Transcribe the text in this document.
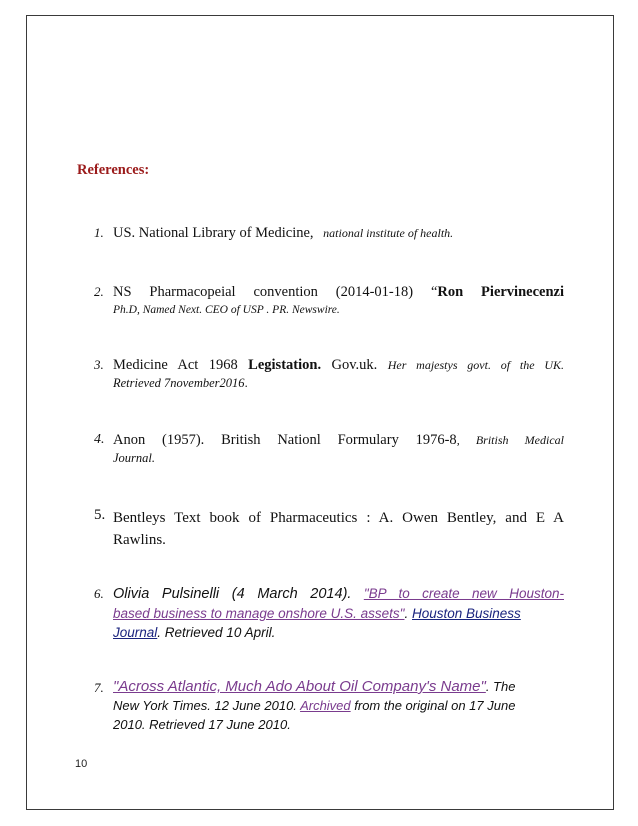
References:
1. US. National Library of Medicine, national institute of health.
2. NS Pharmacopeial convention (2014-01-18) “Ron Piervinecenzi
Ph.D, Named Next. CEO of USP . PR. Newswire.
3. Medicine Act 1968 Legistation. Gov.uk. Her majestys govt. of the UK.
Retrieved 7november2016.
4. Anon (1957). British Nationl Formulary 1976-8, British Medical
Journal.
5. Bentleys Text book of Pharmaceutics : A. Owen Bentley, and E A
Rawlins.
6. Olivia Pulsinelli (4 March 2014). "BP to create new Houston-
based business to manage onshore U.S. assets". Houston Business
Journal. Retrieved 10 April.
7. "Across Atlantic, Much Ado About Oil Company's Name". The
New York Times. 12 June 2010. Archived from the original on 17 June
2010. Retrieved 17 June 2010.
10
